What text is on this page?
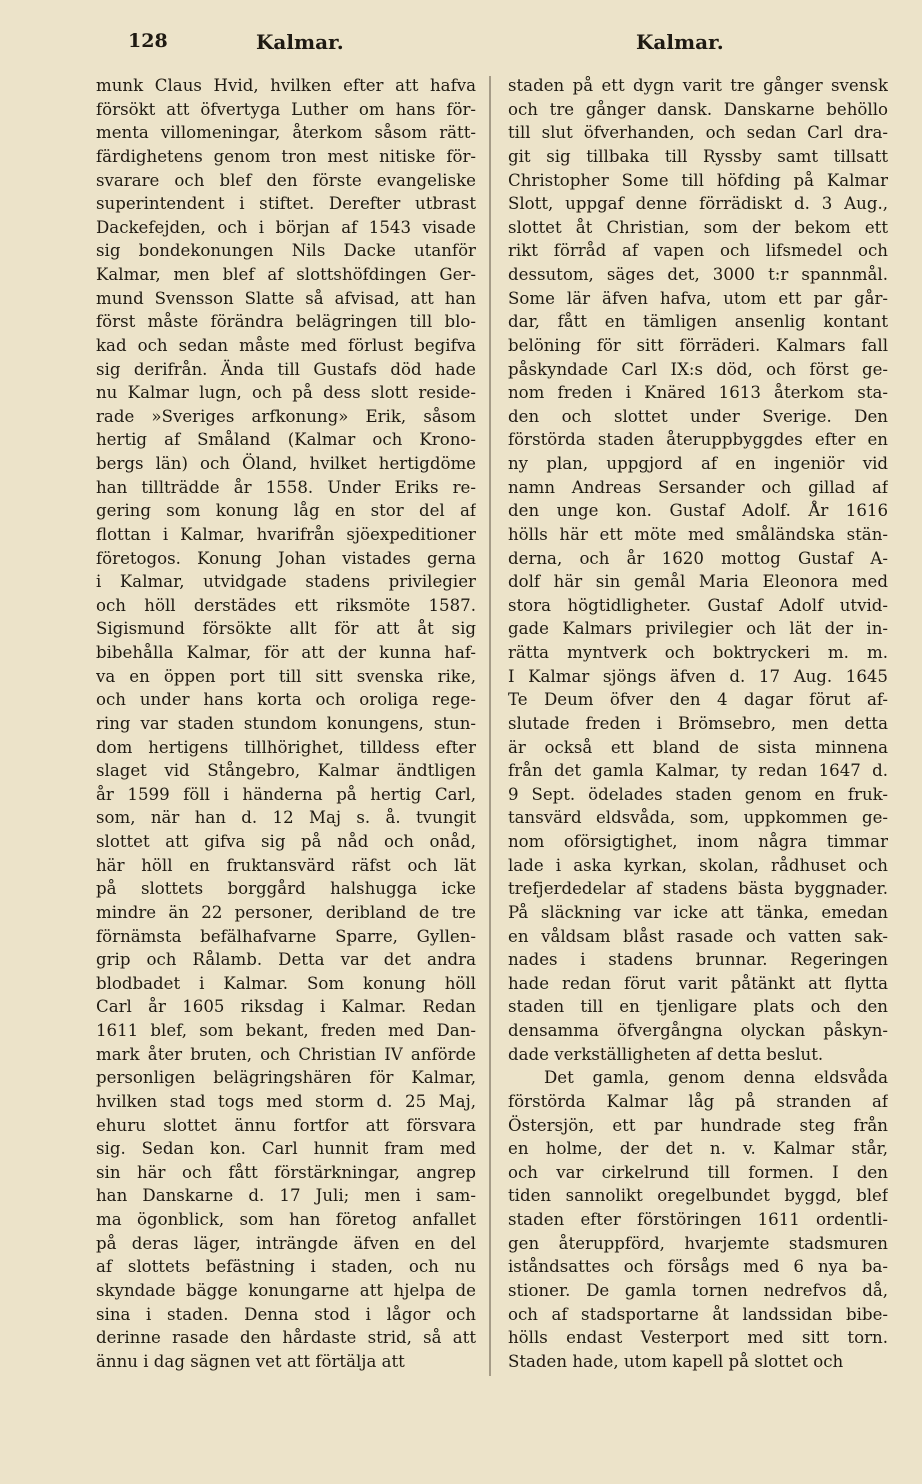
128	Kalmar.	Kalmar.
munk Claus Hvid, hvilken efter att hafva
försökt att öfvertyga Luther om hans för-
menta villomeningar, återkom såsom rätt-
färdighetens genom tron mest nitiske för-
svarare och blef den förste evangeliske
superintendent i stiftet. Derefter utbrast
Dackefejden, och i början af 1543 visade
sig bondekonungen Nils Dacke utanför
Kalmar, men blef af slottshöfdingen Ger-
mund Svensson Slatte så afvisad, att han
först måste förändra belägringen till blo-
kad och sedan måste med förlust begifva
sig derifrån. Ända till Gustafs död hade
nu Kalmar lugn, och på dess slott reside-
rade »Sveriges arfkonung» Erik, såsom
hertig af Småland (Kalmar och Krono-
bergs län) och Öland, hvilket hertigdöme
han tillträdde år 1558. Under Eriks re-
gering som konung låg en stor del af
flottan i Kalmar, hvarifrån sjöexpeditioner
företogos. Konung Johan vistades gerna
i Kalmar, utvidgade stadens privilegier
och höll derstädes ett riksmöte 1587.
Sigismund försökte allt för att åt sig
bibehålla Kalmar, för att der kunna haf-
va en öppen port till sitt svenska rike,
och under hans korta och oroliga rege-
ring var staden stundom konungens, stun-
dom hertigens tillhörighet, tilldess efter
slaget vid Stångebro, Kalmar ändtligen
år 1599 föll i händerna på hertig Carl,
som, när han d. 12 Maj s. å. tvungit
slottet att gifva sig på nåd och onåd,
här höll en fruktansvärd räfst och lät
på slottets borggård halshugga icke
mindre än 22 personer, deribland de tre
förnämsta befälhafvarne Sparre, Gyllen-
grip och Rålamb. Detta var det andra
blodbadet i Kalmar. Som konung höll
Carl år 1605 riksdag i Kalmar. Redan
1611 blef, som bekant, freden med Dan-
mark åter bruten, och Christian IV anförde
personligen belägringshären för Kalmar,
hvilken stad togs med storm d. 25 Maj,
ehuru slottet ännu fortfor att försvara
sig. Sedan kon. Carl hunnit fram med
sin här och fått förstärkningar, angrep
han Danskarne d. 17 Juli; men i sam-
ma ögonblick, som han företog anfallet
på deras läger, inträngde äfven en del
af slottets befästning i staden, och nu
skyndade bägge konungarne att hjelpa de
sina i staden. Denna stod i lågor och
derinne rasade den hårdaste strid, så att
ännu i dag sägnen vet att förtälja att
staden på ett dygn varit tre gånger svensk
och tre gånger dansk. Danskarne behöllo
till slut öfverhanden, och sedan Carl dra-
git sig tillbaka till Ryssby samt tillsatt
Christopher Some till höfding på Kalmar
Slott, uppgaf denne förrädiskt d. 3 Aug.,
slottet åt Christian, som der bekom ett
rikt förråd af vapen och lifsmedel och
dessutom, säges det, 3000 t:r spannmål.
Some lär äfven hafva, utom ett par går-
dar, fått en tämligen ansenlig kontant
belöning för sitt förräderi. Kalmars fall
påskyndade Carl IX:s död, och först ge-
nom freden i Knäred 1613 återkom sta-
den och slottet under Sverige. Den
förstörda staden återuppbyggdes efter en
ny plan, uppgjord af en ingeniör vid
namn Andreas Sersander och gillad af
den unge kon. Gustaf Adolf. År 1616
hölls här ett möte med småländska stän-
derna, och år 1620 mottog Gustaf A-
dolf här sin gemål Maria Eleonora med
stora högtidligheter. Gustaf Adolf utvid-
gade Kalmars privilegier och lät der in-
rätta myntverk och boktryckeri m. m.
I Kalmar sjöngs äfven d. 17 Aug. 1645
Te Deum öfver den 4 dagar förut af-
slutade freden i Brömsebro, men detta
är också ett bland de sista minnena
från det gamla Kalmar, ty redan 1647 d.
9 Sept. ödelades staden genom en fruk-
tansvärd eldsvåda, som, uppkommen ge-
nom oförsigtighet, inom några timmar
lade i aska kyrkan, skolan, rådhuset och
trefjerdedelar af stadens bästa byggnader.
På släckning var icke att tänka, emedan
en våldsam blåst rasade och vatten sak-
nades i stadens brunnar. Regeringen
hade redan förut varit påtänkt att flytta
staden till en tjenligare plats och den
densamma öfvergångna olyckan påskyn-
dade verkställigheten af detta beslut.
Det gamla, genom denna eldsvåda
förstörda Kalmar låg på stranden af
Östersjön, ett par hundrade steg från
en holme, der det n. v. Kalmar står,
och var cirkelrund till formen. I den
tiden sannolikt oregelbundet byggd, blef
staden efter förstöringen 1611 ordentli-
gen återuppförd, hvarjemte stadsmuren
iståndsattes och försågs med 6 nya ba-
stioner. De gamla tornen nedrefvos då,
och af stadsportarne åt landssidan bibe-
hölls endast Vesterport med sitt torn.
Staden hade, utom kapell på slottet och
